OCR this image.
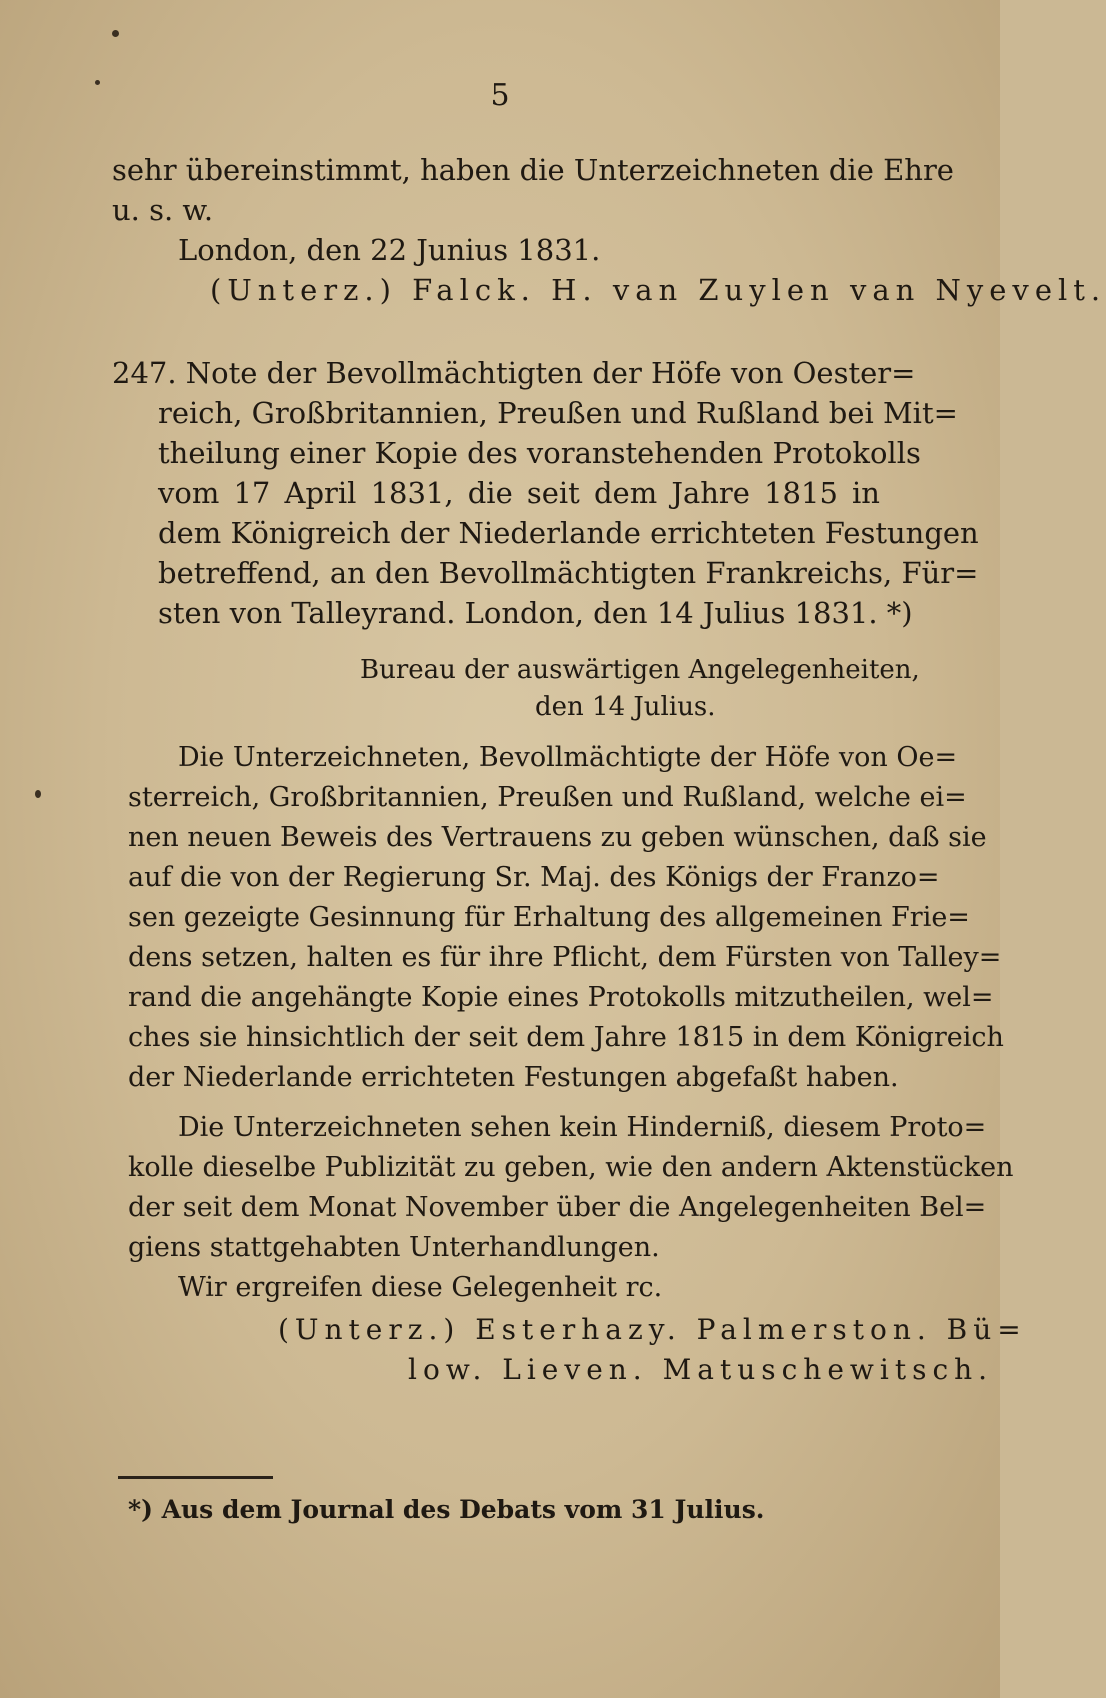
5
sehr übereinstimmt, haben die Unterzeichneten die Ehre
u. s. w.
London, den 22 Junius 1831.
(Unterz.) Falck. H. van Zuylen van Nyevelt.
247. Note der Bevollmächtigten der Höfe von Oester=
reich, Großbritannien, Preußen und Rußland bei Mit=
theilung einer Kopie des voranstehenden Protokolls
vom 17 April 1831, die seit dem Jahre 1815 in
dem Königreich der Niederlande errichteten Festungen
betreffend, an den Bevollmächtigten Frankreichs, Für=
sten von Talleyrand. London, den 14 Julius 1831. *)
Bureau der auswärtigen Angelegenheiten,
den 14 Julius.
Die Unterzeichneten, Bevollmächtigte der Höfe von Oe=
sterreich, Großbritannien, Preußen und Rußland, welche ei=
nen neuen Beweis des Vertrauens zu geben wünschen, daß sie
auf die von der Regierung Sr. Maj. des Königs der Franzo=
sen gezeigte Gesinnung für Erhaltung des allgemeinen Frie=
dens setzen, halten es für ihre Pflicht, dem Fürsten von Talley=
rand die angehängte Kopie eines Protokolls mitzutheilen, wel=
ches sie hinsichtlich der seit dem Jahre 1815 in dem Königreich
der Niederlande errichteten Festungen abgefaßt haben.
Die Unterzeichneten sehen kein Hinderniß, diesem Proto=
kolle dieselbe Publizität zu geben, wie den andern Aktenstücken
der seit dem Monat November über die Angelegenheiten Bel=
giens stattgehabten Unterhandlungen.
Wir ergreifen diese Gelegenheit rc.
(Unterz.) Esterhazy. Palmerston. Bü=
low. Lieven. Matuschewitsch.
*) Aus dem Journal des Debats vom 31 Julius.
